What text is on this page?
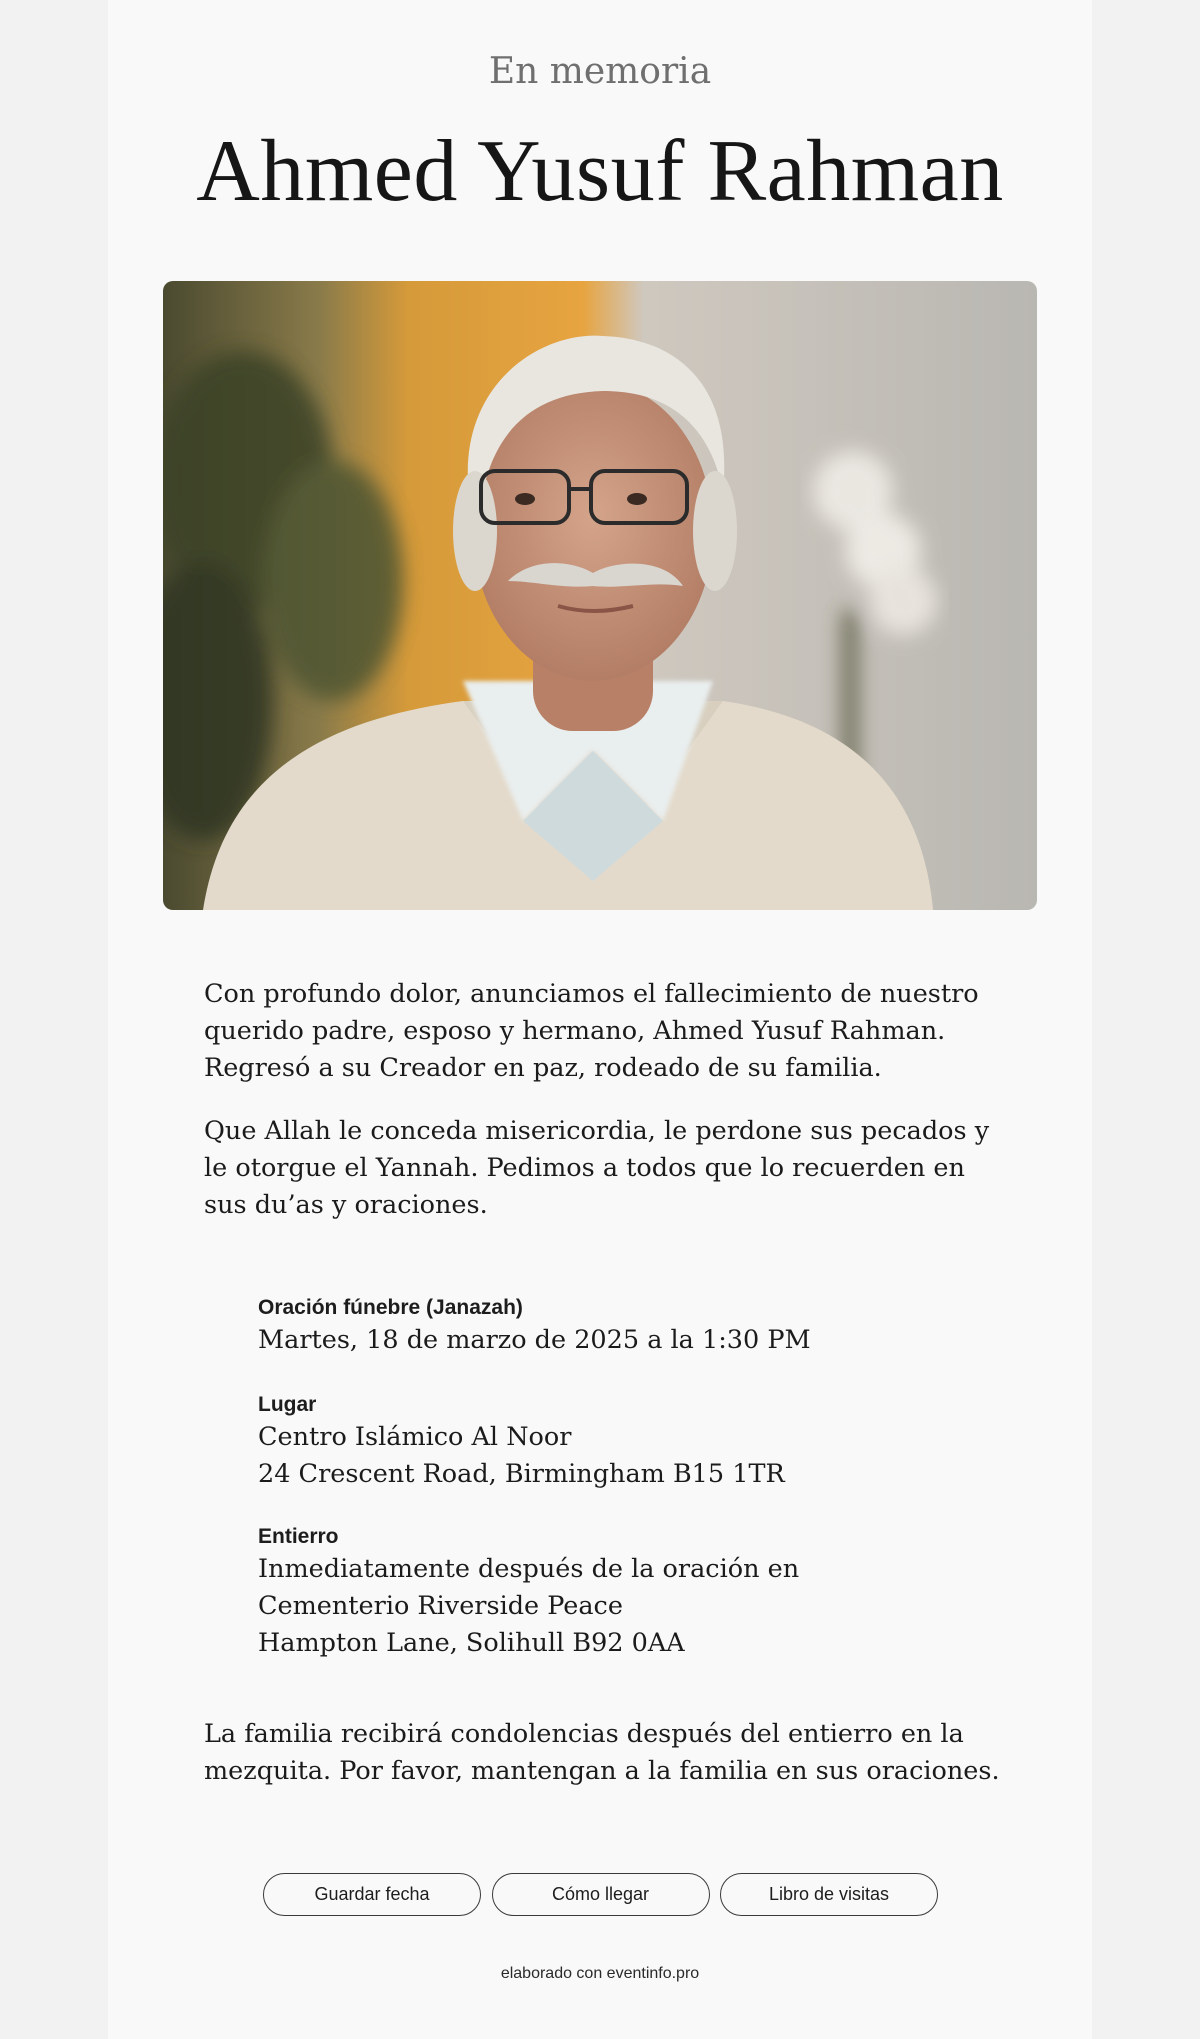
En memoria
Ahmed Yusuf Rahman

Con profundo dolor, anunciamos el fallecimiento de nuestro querido padre, esposo y hermano, Ahmed Yusuf Rahman. Regresó a su Creador en paz, rodeado de su familia.

Que Allah le conceda misericordia, le perdone sus pecados y le otorgue el Yannah. Pedimos a todos que lo recuerden en sus du’as y oraciones.

Oración fúnebre (Janazah)
Martes, 18 de marzo de 2025 a la 1:30 PM
Lugar
Centro Islámico Al Noor
24 Crescent Road, Birmingham B15 1TR
Entierro
Inmediatamente después de la oración en
Cementerio Riverside Peace
Hampton Lane, Solihull B92 0AA

La familia recibirá condolencias después del entierro en la mezquita. Por favor, mantengan a la familia en sus oraciones.

Guardar fecha	Cómo llegar	Libro de visitas
elaborado con eventinfo.pro
